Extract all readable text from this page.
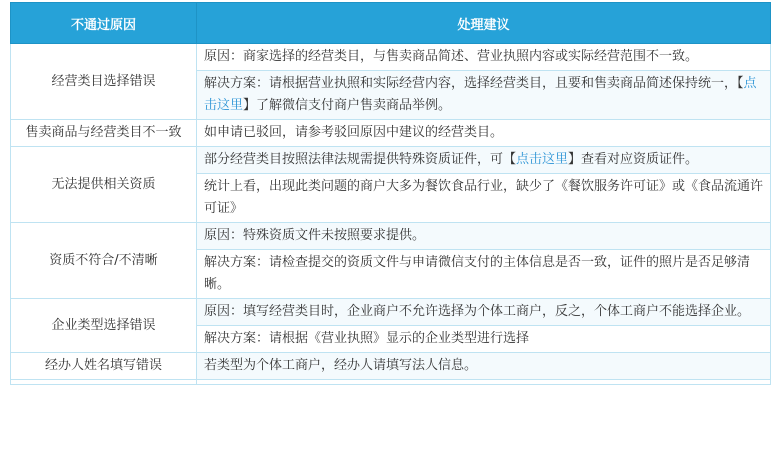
不通过原因	处理建议
经营类目选择错误	原因：商家选择的经营类目，与售卖商品简述、营业执照内容或实际经营范围不一致。
	解决方案：请根据营业执照和实际经营内容，选择经营类目，且要和售卖商品简述保持统一，【点击这里】了解微信支付商户售卖商品举例。
售卖商品与经营类目不一致	如申请已驳回，请参考驳回原因中建议的经营类目。
无法提供相关资质	部分经营类目按照法律法规需提供特殊资质证件，可【点击这里】查看对应资质证件。
	统计上看，出现此类问题的商户大多为餐饮食品行业，缺少了《餐饮服务许可证》或《食品流通许可证》
资质不符合/不清晰	原因：特殊资质文件未按照要求提供。
	解决方案：请检查提交的资质文件与申请微信支付的主体信息是否一致，证件的照片是否足够清晰。
企业类型选择错误	原因：填写经营类目时，企业商户不允许选择为个体工商户，反之，个体工商户不能选择企业。
	解决方案：请根据《营业执照》显示的企业类型进行选择
经办人姓名填写错误	若类型为个体工商户，经办人请填写法人信息。
